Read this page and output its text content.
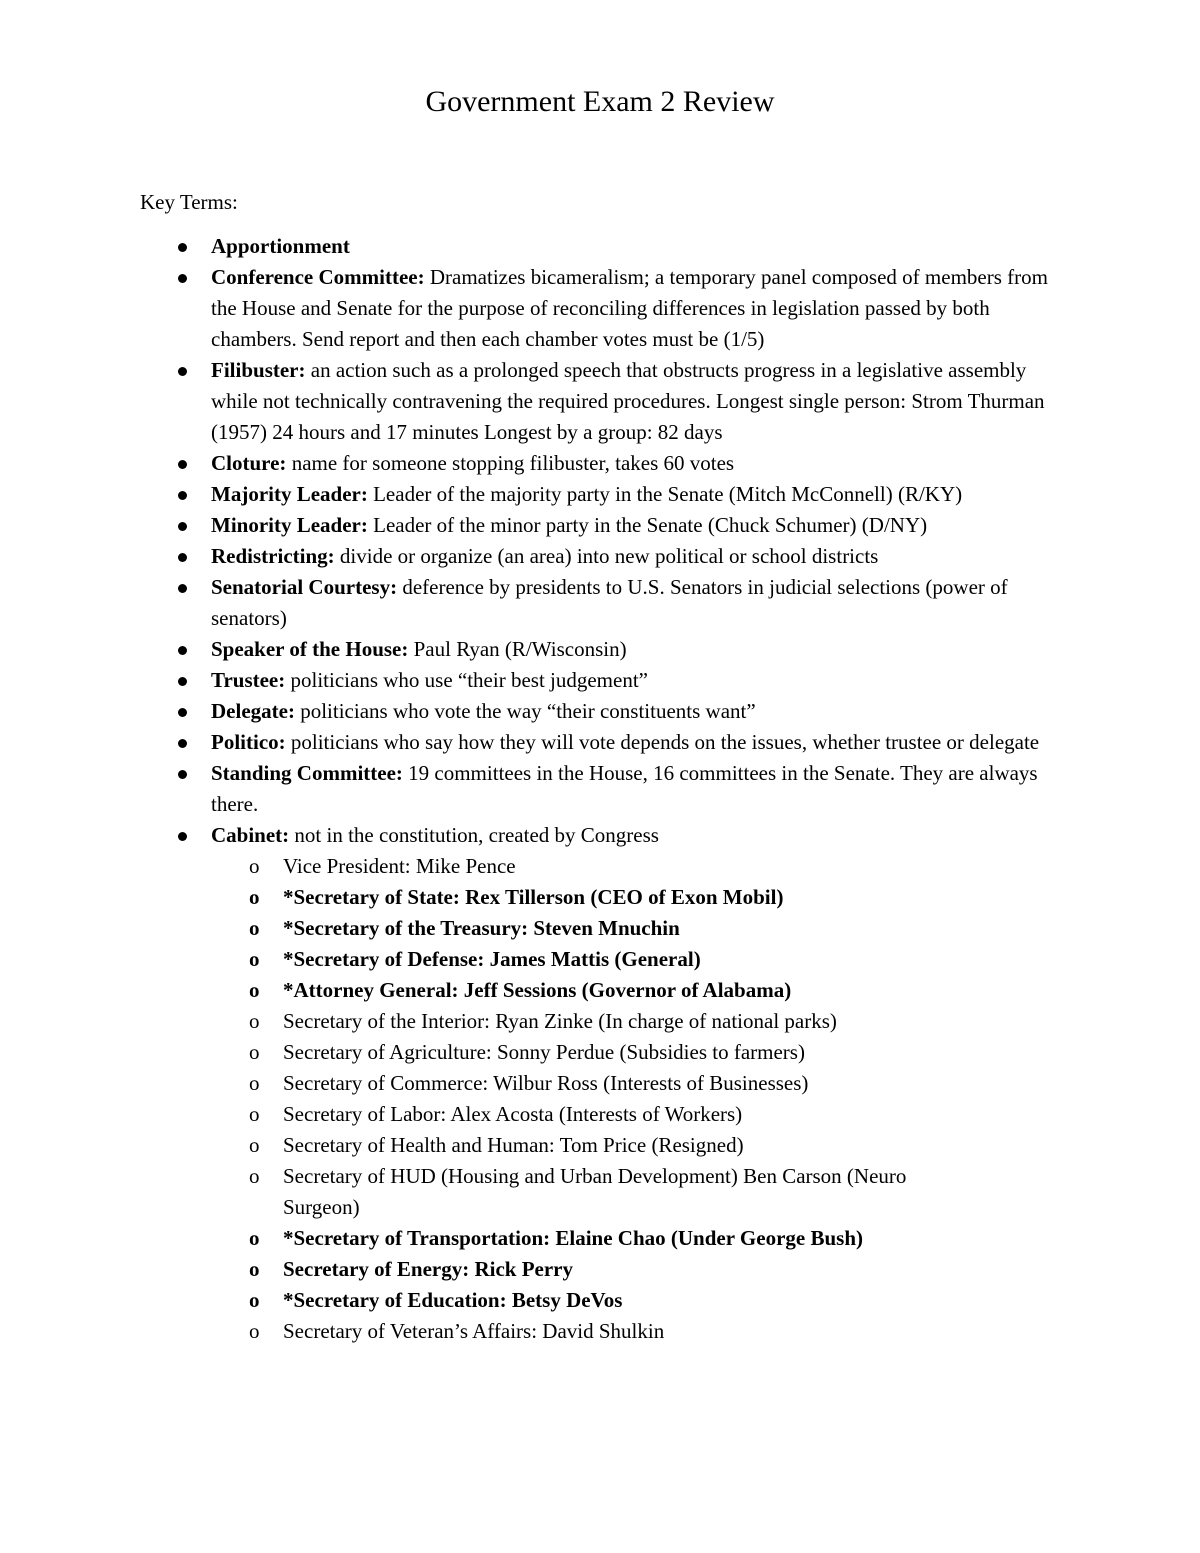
Government Exam 2 Review
Key Terms:
Apportionment
Conference Committee: Dramatizes bicameralism; a temporary panel composed of members from the House and Senate for the purpose of reconciling differences in legislation passed by both chambers. Send report and then each chamber votes must be (1/5)
Filibuster: an action such as a prolonged speech that obstructs progress in a legislative assembly while not technically contravening the required procedures. Longest single person: Strom Thurman (1957) 24 hours and 17 minutes Longest by a group: 82 days
Cloture: name for someone stopping filibuster, takes 60 votes
Majority Leader: Leader of the majority party in the Senate (Mitch McConnell) (R/KY)
Minority Leader: Leader of the minor party in the Senate (Chuck Schumer) (D/NY)
Redistricting: divide or organize (an area) into new political or school districts
Senatorial Courtesy: deference by presidents to U.S. Senators in judicial selections (power of senators)
Speaker of the House: Paul Ryan (R/Wisconsin)
Trustee: politicians who use “their best judgement”
Delegate: politicians who vote the way “their constituents want”
Politico: politicians who say how they will vote depends on the issues, whether trustee or delegate
Standing Committee: 19 committees in the House, 16 committees in the Senate. They are always there.
Cabinet: not in the constitution, created by Congress
o Vice President: Mike Pence
o *Secretary of State: Rex Tillerson (CEO of Exon Mobil)
o *Secretary of the Treasury: Steven Mnuchin
o *Secretary of Defense: James Mattis (General)
o *Attorney General: Jeff Sessions (Governor of Alabama)
o Secretary of the Interior: Ryan Zinke (In charge of national parks)
o Secretary of Agriculture: Sonny Perdue (Subsidies to farmers)
o Secretary of Commerce: Wilbur Ross (Interests of Businesses)
o Secretary of Labor: Alex Acosta (Interests of Workers)
o Secretary of Health and Human: Tom Price (Resigned)
o Secretary of HUD (Housing and Urban Development) Ben Carson (Neuro Surgeon)
o *Secretary of Transportation: Elaine Chao (Under George Bush)
o Secretary of Energy: Rick Perry
o *Secretary of Education: Betsy DeVos
o Secretary of Veteran’s Affairs: David Shulkin
